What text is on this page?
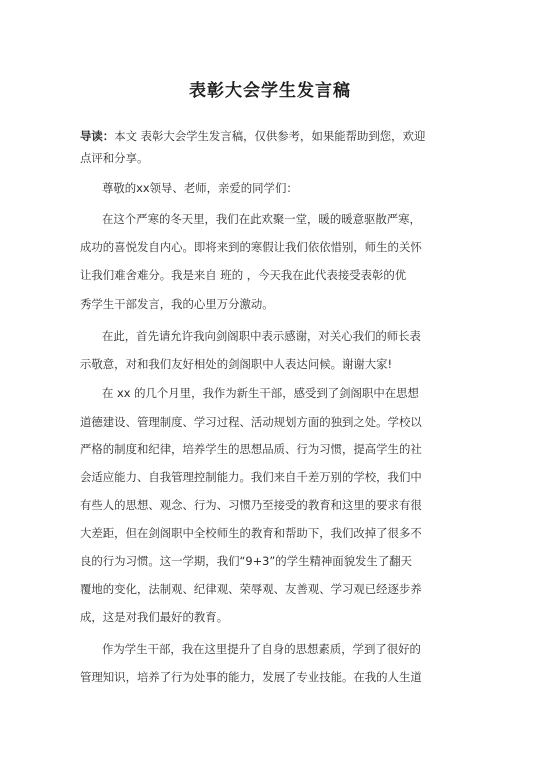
表彰大会学生发言稿
导读：本文 表彰大会学生发言稿，仅供参考，如果能帮助到您，欢迎
点评和分享。
尊敬的xx领导、老师，亲爱的同学们：
在这个严寒的冬天里，我们在此欢聚一堂，暖的暖意驱散严寒，
成功的喜悦发自内心。即将来到的寒假让我们依依惜别，师生的关怀
让我们难舍难分。我是来自 班的 ，今天我在此代表接受表彰的优
秀学生干部发言，我的心里万分激动。
在此，首先请允许我向剑阁职中表示感谢，对关心我们的师长表
示敬意，对和我们友好相处的剑阁职中人表达问候。谢谢大家!
在 xx 的几个月里，我作为新生干部，感受到了剑阁职中在思想
道德建设、管理制度、学习过程、活动规划方面的独到之处。学校以
严格的制度和纪律，培养学生的思想品质、行为习惯，提高学生的社
会适应能力、自我管理控制能力。我们来自千差万别的学校，我们中
有些人的思想、观念、行为、习惯乃至接受的教育和这里的要求有很
大差距，但在剑阁职中全校师生的教育和帮助下，我们改掉了很多不
良的行为习惯。这一学期，我们“9+3”的学生精神面貌发生了翻天
覆地的变化，法制观、纪律观、荣辱观、友善观、学习观已经逐步养
成，这是对我们最好的教育。
作为学生干部，我在这里提升了自身的思想素质，学到了很好的
管理知识，培养了行为处事的能力，发展了专业技能。在我的人生道
